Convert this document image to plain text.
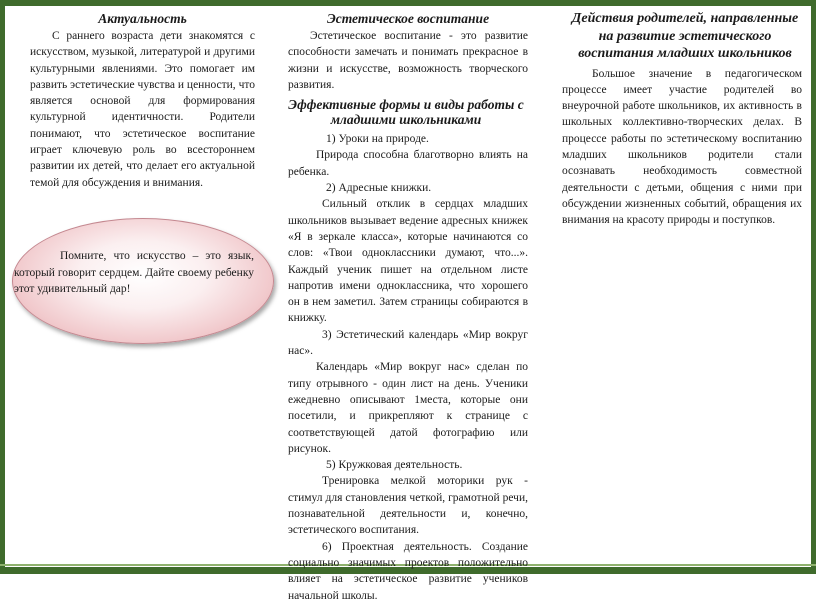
Актуальность

С раннего возраста дети знакомятся с искусством, музыкой, литературой и другими культурными явлениями. Это помогает им развить эстетические чувства и ценности, что является основой для формирования культурной идентичности. Родители понимают, что эстетическое воспитание играет ключевую роль во всестороннем развитии их детей, что делает его актуальной темой для обсуждения и внимания.

Помните, что искусство – это язык, который говорит сердцем. Дайте своему ребенку этот удивительный дар!

Эстетическое воспитание

Эстетическое воспитание - это развитие способности замечать и понимать прекрасное в жизни и искусстве, возможность творческого развития.

Эффективные формы и виды работы с младшими школьниками

1) Уроки на природе.

Природа способна благотворно влиять на ребенка.

2) Адресные книжки.

Сильный отклик в сердцах младших школьников вызывает ведение адресных книжек «Я в зеркале класса», которые начинаются со слов: «Твои одноклассники думают, что...». Каждый ученик пишет на отдельном листе напротив имени одноклассника, что хорошего он в нем заметил. Затем страницы собираются в книжку.

3) Эстетический календарь «Мир вокруг нас».

Календарь «Мир вокруг нас» сделан по типу отрывного - один лист на день. Ученики ежедневно описывают 1места, которые они посетили, и прикрепляют к странице с соответствующей датой фотографию или рисунок.

5) Кружковая деятельность.

Тренировка мелкой моторики рук - стимул для становления четкой, грамотной речи, познавательной деятельности и, конечно, эстетического воспитания.

6) Проектная деятельность. Создание социально значимых проектов положительно влияет на эстетическое развитие учеников начальной школы.

Действия родителей, направленные на развитие эстетического воспитания младших школьников

Большое значение в педагогическом процессе имеет участие родителей во внеурочной работе школьников, их активность в школьных коллективно-творческих делах. В процессе работы по эстетическому воспитанию младших школьников родители стали осознавать необходимость совместной деятельности с детьми, общения с ними при обсуждении жизненных событий, обращения их внимания на красоту природы и поступков.
